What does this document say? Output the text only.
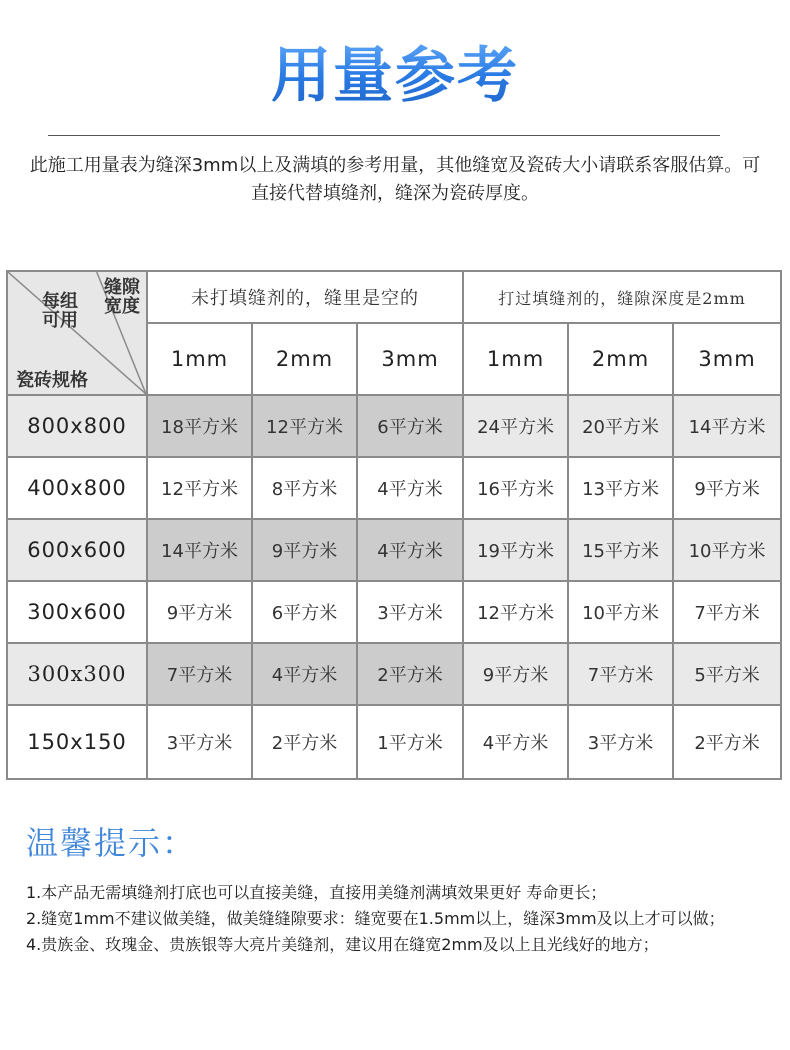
用量参考
此施工用量表为缝深3mm以上及满填的参考用量，其他缝宽及瓷砖大小请联系客服估算。可直接代替填缝剂，缝深为瓷砖厚度。
缝隙宽度
每组可用
瓷砖规格	未打填缝剂的，缝里是空的			打过填缝剂的，缝隙深度是2mm		
	1mm	2mm	3mm	1mm	2mm	3mm
800x800	18平方米	12平方米	6平方米	24平方米	20平方米	14平方米
400x800	12平方米	8平方米	4平方米	16平方米	13平方米	9平方米
600x600	14平方米	9平方米	4平方米	19平方米	15平方米	10平方米
300x600	9平方米	6平方米	3平方米	12平方米	10平方米	7平方米
300x300	7平方米	4平方米	2平方米	9平方米	7平方米	5平方米
150x150	3平方米	2平方米	1平方米	4平方米	3平方米	2平方米
温馨提示：
1.本产品无需填缝剂打底也可以直接美缝，直接用美缝剂满填效果更好 寿命更长；
2.缝宽1mm不建议做美缝，做美缝缝隙要求：缝宽要在1.5mm以上，缝深3mm及以上才可以做；
4.贵族金、玫瑰金、贵族银等大亮片美缝剂，建议用在缝宽2mm及以上且光线好的地方；
